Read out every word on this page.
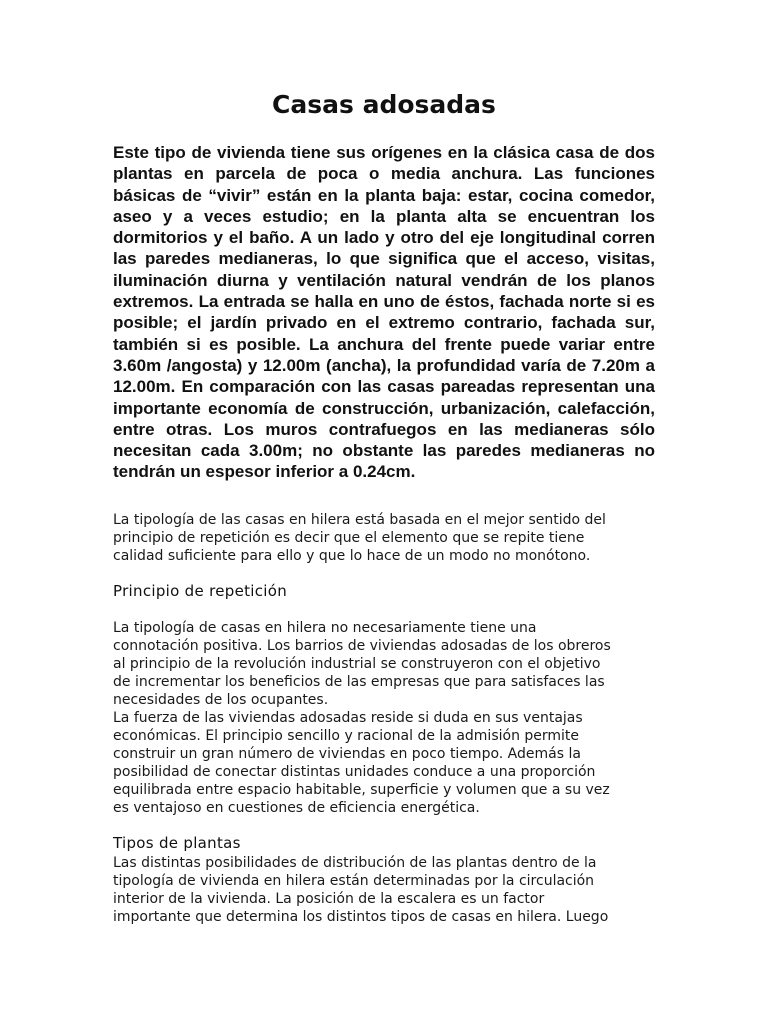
Casas adosadas

Este tipo de vivienda tiene sus orígenes en la clásica casa de dos plantas en parcela de poca o media anchura. Las funciones básicas de “vivir” están en la planta baja: estar, cocina comedor, aseo y a veces estudio; en la planta alta se encuentran los dormitorios y el baño. A un lado y otro del eje longitudinal corren las paredes medianeras, lo que significa que el acceso, visitas, iluminación diurna y ventilación natural vendrán de los planos extremos. La entrada se halla en uno de éstos, fachada norte si es posible; el jardín privado en el extremo contrario, fachada sur, también si es posible. La anchura del frente puede variar entre 3.60m /angosta) y 12.00m (ancha), la profundidad varía de 7.20m a 12.00m. En comparación con las casas pareadas representan una importante economía de construcción, urbanización, calefacción, entre otras. Los muros contrafuegos en las medianeras sólo necesitan cada 3.00m; no obstante las paredes medianeras no tendrán un espesor inferior a 0.24cm.

La tipología de las casas en hilera está basada en el mejor sentido del
principio de repetición es decir que el elemento que se repite tiene
calidad suficiente para ello y que lo hace de un modo no monótono.

Principio de repetición

La tipología de casas en hilera no necesariamente tiene una
connotación positiva. Los barrios de viviendas adosadas de los obreros
al principio de la revolución industrial se construyeron con el objetivo
de incrementar los beneficios de las empresas que para satisfaces las
necesidades de los ocupantes.
La fuerza de las viviendas adosadas reside si duda en sus ventajas
económicas. El principio sencillo y racional de la admisión permite
construir un gran número de viviendas en poco tiempo. Además la
posibilidad de conectar distintas unidades conduce a una proporción
equilibrada entre espacio habitable, superficie y volumen que a su vez
es ventajoso en cuestiones de eficiencia energética.

Tipos de plantas

Las distintas posibilidades de distribución de las plantas dentro de la
tipología de vivienda en hilera están determinadas por la circulación
interior de la vivienda. La posición de la escalera es un factor
importante que determina los distintos tipos de casas en hilera. Luego
